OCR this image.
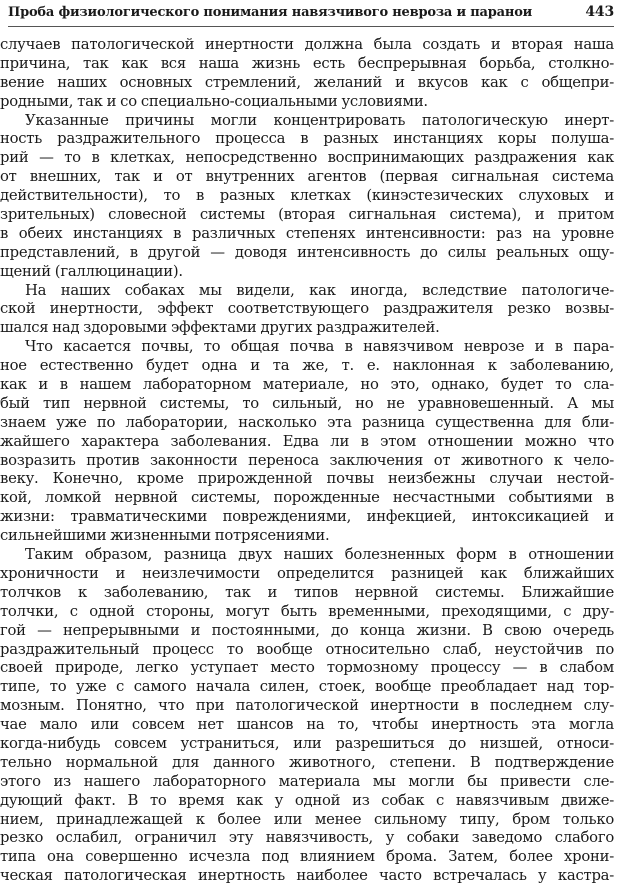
Проба физиологического понимания навязчивого невроза и паранои	443
случаев патологической инертности должна была создать и вторая наша
причина, так как вся наша жизнь есть беспрерывная борьба, столкно-
вение наших основных стремлений, желаний и вкусов как с общепри-
родными, так и со специально-социальными условиями.
Указанные причины могли концентрировать патологическую инерт-
ность раздражительного процесса в разных инстанциях коры полуша-
рий — то в клетках, непосредственно воспринимающих раздражения как
от внешних, так и от внутренних агентов (первая сигнальная система
действительности), то в разных клетках (кинэстезических слуховых и
зрительных) словесной системы (вторая сигнальная система), и притом
в обеих инстанциях в различных степенях интенсивности: раз на уровне
представлений, в другой — доводя интенсивность до силы реальных ощу-
щений (галлюцинации).
На наших собаках мы видели, как иногда, вследствие патологиче-
ской инертности, эффект соответствующего раздражителя резко возвы-
шался над здоровыми эффектами других раздражителей.
Что касается почвы, то общая почва в навязчивом неврозе и в пара-
ное естественно будет одна и та же, т. е. наклонная к заболеванию,
как и в нашем лабораторном материале, но это, однако, будет то сла-
бый тип нервной системы, то сильный, но не уравновешенный. А мы
знаем уже по лаборатории, насколько эта разница существенна для бли-
жайшего характера заболевания. Едва ли в этом отношении можно что
возразить против законности переноса заключения от животного к чело-
веку. Конечно, кроме прирожденной почвы неизбежны случаи нестой-
кой, ломкой нервной системы, порожденные несчастными событиями в
жизни: травматическими повреждениями, инфекцией, интоксикацией и
сильнейшими жизненными потрясениями.
Таким образом, разница двух наших болезненных форм в отношении
хроничности и неизлечимости определится разницей как ближайших
толчков к заболеванию, так и типов нервной системы. Ближайшие
толчки, с одной стороны, могут быть временными, преходящими, с дру-
гой — непрерывными и постоянными, до конца жизни. В свою очередь
раздражительный процесс то вообще относительно слаб, неустойчив по
своей природе, легко уступает место тормозному процессу — в слабом
типе, то уже с самого начала силен, стоек, вообще преобладает над тор-
мозным. Понятно, что при патологической инертности в последнем слу-
чае мало или совсем нет шансов на то, чтобы инертность эта могла
когда-нибудь совсем устраниться, или разрешиться до низшей, относи-
тельно нормальной для данного животного, степени. В подтверждение
этого из нашего лабораторного материала мы могли бы привести сле-
дующий факт. В то время как у одной из собак с навязчивым движе-
нием, принадлежащей к более или менее сильному типу, бром только
резко ослабил, ограничил эту навязчивость, у собаки заведомо слабого
типа она совершенно исчезла под влиянием брома. Затем, более хрони-
ческая патологическая инертность наиболее часто встречалась у кастра-
